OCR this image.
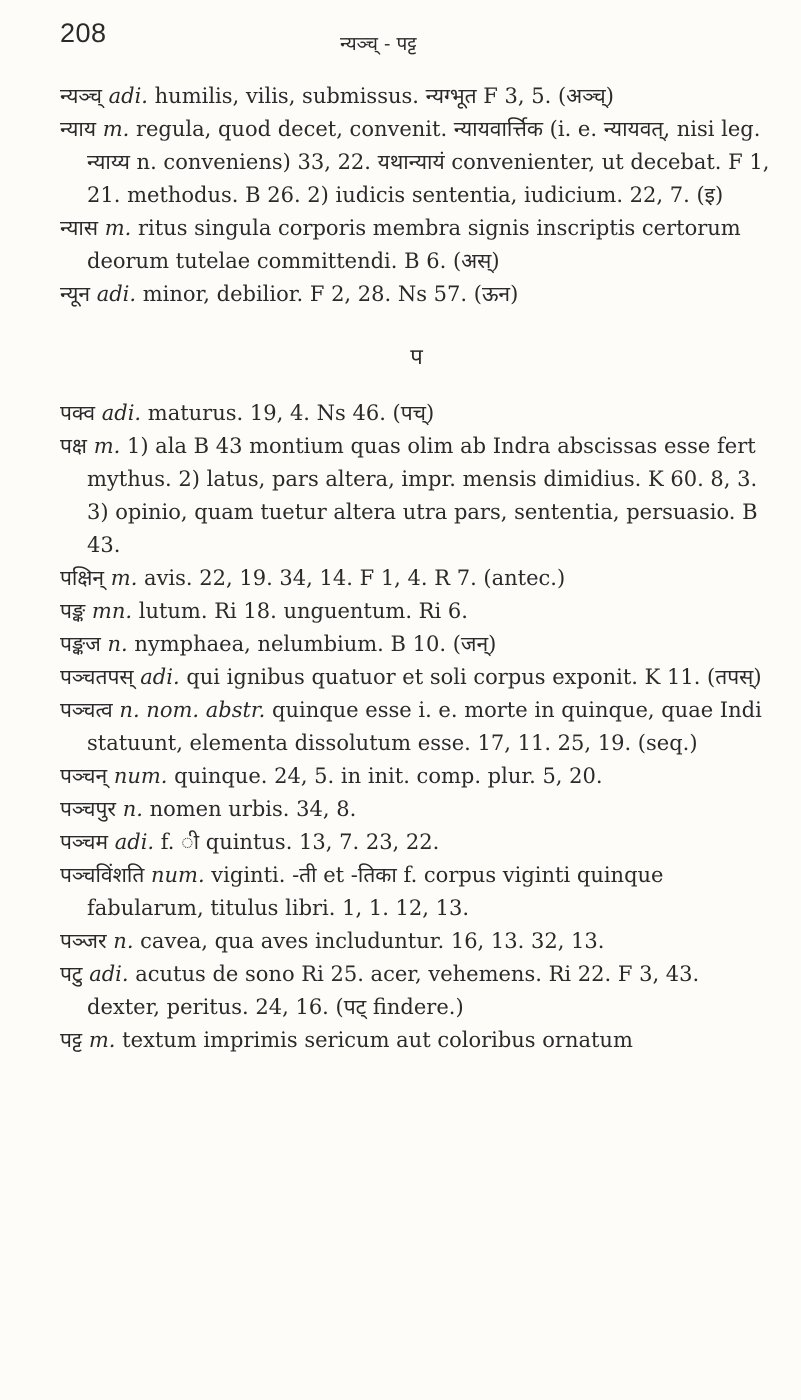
208	न्यञ्च् - पट्ट

न्यञ्च् adi. humilis, vilis, submissus. न्यग्भूत F 3, 5. (अञ्च्)

न्याय m. regula, quod decet, convenit. न्यायवार्त्तिक (i. e. न्यायवत्, nisi leg. न्याय्य n. conveniens) 33, 22. यथान्यायं convenienter, ut decebat. F 1, 21. methodus. B 26. 2) iudicis sententia, iudicium. 22, 7. (इ)

न्यास m. ritus singula corporis membra signis inscriptis certorum deorum tutelae committendi. B 6. (अस्)

न्यून adi. minor, debilior. F 2, 28. Ns 57. (ऊन)

प

पक्व adi. maturus. 19, 4. Ns 46. (पच्)

पक्ष m. 1) ala B 43 montium quas olim ab Indra abscissas esse fert mythus. 2) latus, pars altera, impr. mensis dimidius. K 60. 8, 3. 3) opinio, quam tuetur altera utra pars, sententia, persuasio. B 43.

पक्षिन् m. avis. 22, 19. 34, 14. F 1, 4. R 7. (antec.)

पङ्क mn. lutum. Ri 18. unguentum. Ri 6.

पङ्कज n. nymphaea, nelumbium. B 10. (जन्)

पञ्चतपस् adi. qui ignibus quatuor et soli corpus exponit. K 11. (तपस्)

पञ्चत्व n. nom. abstr. quinque esse i. e. morte in quinque, quae Indi statuunt, elementa dissolutum esse. 17, 11. 25, 19. (seq.)

पञ्चन् num. quinque. 24, 5. in init. comp. plur. 5, 20.

पञ्चपुर n. nomen urbis. 34, 8.

पञ्चम adi. f. ी quintus. 13, 7. 23, 22.

पञ्चविंशति num. viginti. -ती et -तिका f. corpus viginti quinque fabularum, titulus libri. 1, 1. 12, 13.

पञ्जर n. cavea, qua aves includuntur. 16, 13. 32, 13.

पटु adi. acutus de sono Ri 25. acer, vehemens. Ri 22. F 3, 43. dexter, peritus. 24, 16. (पट् findere.)

पट्ट m. textum imprimis sericum aut coloribus ornatum
